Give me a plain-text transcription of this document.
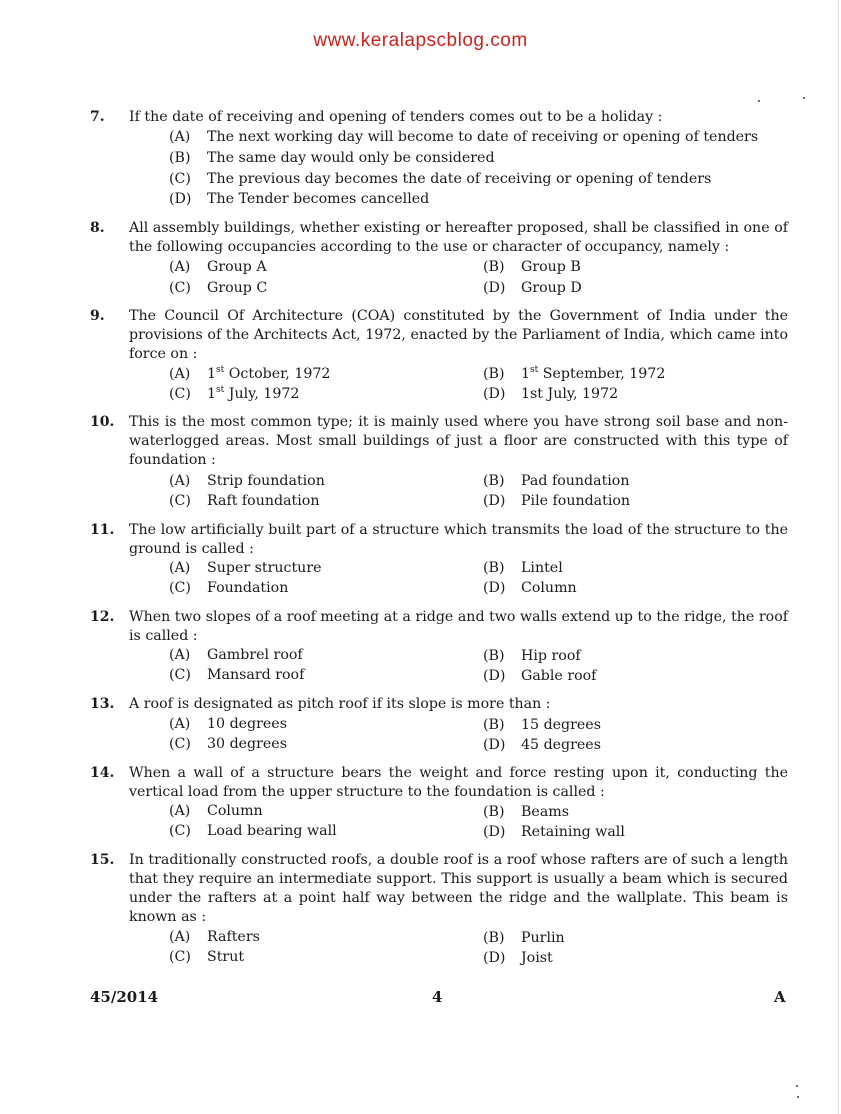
www.keralapscblog.com
7. If the date of receiving and opening of tenders comes out to be a holiday :
(A) The next working day will become to date of receiving or opening of tenders
(B) The same day would only be considered
(C) The previous day becomes the date of receiving or opening of tenders
(D) The Tender becomes cancelled
8. All assembly buildings, whether existing or hereafter proposed, shall be classified in one of the following occupancies according to the use or character of occupancy, namely :
(A) Group A	(B) Group B
(C) Group C	(D) Group D
9. The Council Of Architecture (COA) constituted by the Government of India under the provisions of the Architects Act, 1972, enacted by the Parliament of India, which came into force on :
(A) 1st October, 1972	(B) 1st September, 1972
(C) 1st July, 1972	(D) 1st July, 1972
10. This is the most common type; it is mainly used where you have strong soil base and non-waterlogged areas. Most small buildings of just a floor are constructed with this type of foundation :
(A) Strip foundation	(B) Pad foundation
(C) Raft foundation	(D) Pile foundation
11. The low artificially built part of a structure which transmits the load of the structure to the ground is called :
(A) Super structure	(B) Lintel
(C) Foundation	(D) Column
12. When two slopes of a roof meeting at a ridge and two walls extend up to the ridge, the roof is called :
(A) Gambrel roof	(B) Hip roof
(C) Mansard roof	(D) Gable roof
13. A roof is designated as pitch roof if its slope is more than :
(A) 10 degrees	(B) 15 degrees
(C) 30 degrees	(D) 45 degrees
14. When a wall of a structure bears the weight and force resting upon it, conducting the vertical load from the upper structure to the foundation is called :
(A) Column	(B) Beams
(C) Load bearing wall	(D) Retaining wall
15. In traditionally constructed roofs, a double roof is a roof whose rafters are of such a length that they require an intermediate support. This support is usually a beam which is secured under the rafters at a point half way between the ridge and the wallplate. This beam is known as :
(A) Rafters	(B) Purlin
(C) Strut	(D) Joist
45/2014	4	A
